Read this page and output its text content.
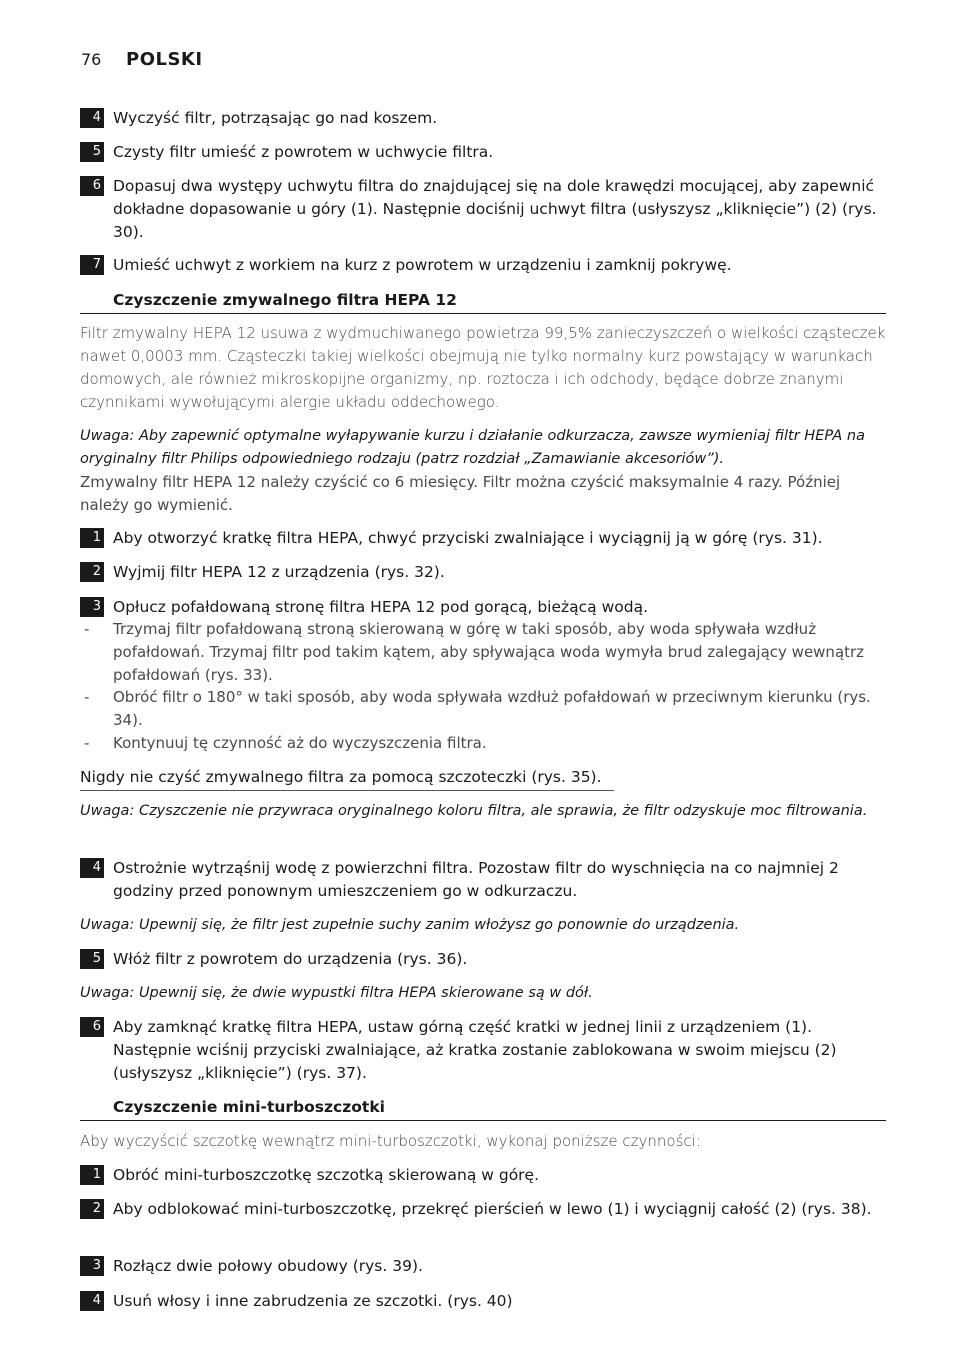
76 POLSKI
4 Wyczyść filtr, potrząsając go nad koszem.
5 Czysty filtr umieść z powrotem w uchwycie filtra.
6 Dopasuj dwa występy uchwytu filtra do znajdującej się na dole krawędzi mocującej, aby zapewnić dokładne dopasowanie u góry (1). Następnie dociśnij uchwyt filtra (usłyszysz „kliknięcie”) (2) (rys. 30).
7 Umieść uchwyt z workiem na kurz z powrotem w urządzeniu i zamknij pokrywę.
Czyszczenie zmywalnego filtra HEPA 12
Filtr zmywalny HEPA 12 usuwa z wydmuchiwanego powietrza 99,5% zanieczyszczeń o wielkości cząsteczek nawet 0,0003 mm. Cząsteczki takiej wielkości obejmują nie tylko normalny kurz powstający w warunkach domowych, ale również mikroskopijne organizmy, np. roztocza i ich odchody, będące dobrze znanymi czynnikami wywołującymi alergie układu oddechowego.
Uwaga: Aby zapewnić optymalne wyłapywanie kurzu i działanie odkurzacza, zawsze wymieniaj filtr HEPA na oryginalny filtr Philips odpowiedniego rodzaju (patrz rozdział „Zamawianie akcesoriów”).
Zmywalny filtr HEPA 12 należy czyścić co 6 miesięcy. Filtr można czyścić maksymalnie 4 razy. Później należy go wymienić.
1 Aby otworzyć kratkę filtra HEPA, chwyć przyciski zwalniające i wyciągnij ją w górę (rys. 31).
2 Wyjmij filtr HEPA 12 z urządzenia (rys. 32).
3 Opłucz pofałdowaną stronę filtra HEPA 12 pod gorącą, bieżącą wodą.
- Trzymaj filtr pofałdowaną stroną skierowaną w górę w taki sposób, aby woda spływała wzdłuż pofałdowań. Trzymaj filtr pod takim kątem, aby spływająca woda wymyła brud zalegający wewnątrz pofałdowań (rys. 33).
- Obróć filtr o 180° w taki sposób, aby woda spływała wzdłuż pofałdowań w przeciwnym kierunku (rys. 34).
- Kontynuuj tę czynność aż do wyczyszczenia filtra.
Nigdy nie czyść zmywalnego filtra za pomocą szczoteczki (rys. 35).
Uwaga: Czyszczenie nie przywraca oryginalnego koloru filtra, ale sprawia, że filtr odzyskuje moc filtrowania.
4 Ostrożnie wytrząśnij wodę z powierzchni filtra. Pozostaw filtr do wyschnięcia na co najmniej 2 godziny przed ponownym umieszczeniem go w odkurzaczu.
Uwaga: Upewnij się, że filtr jest zupełnie suchy zanim włożysz go ponownie do urządzenia.
5 Włóż filtr z powrotem do urządzenia (rys. 36).
Uwaga: Upewnij się, że dwie wypustki filtra HEPA skierowane są w dół.
6 Aby zamknąć kratkę filtra HEPA, ustaw górną część kratki w jednej linii z urządzeniem (1). Następnie wciśnij przyciski zwalniające, aż kratka zostanie zablokowana w swoim miejscu (2) (usłyszysz „kliknięcie”) (rys. 37).
Czyszczenie mini-turboszczotki
Aby wyczyścić szczotkę wewnątrz mini-turboszczotki, wykonaj poniższe czynności:
1 Obróć mini-turboszczotkę szczotką skierowaną w górę.
2 Aby odblokować mini-turboszczotkę, przekręć pierścień w lewo (1) i wyciągnij całość (2) (rys. 38).
3 Rozłącz dwie połowy obudowy (rys. 39).
4 Usuń włosy i inne zabrudzenia ze szczotki. (rys. 40)
